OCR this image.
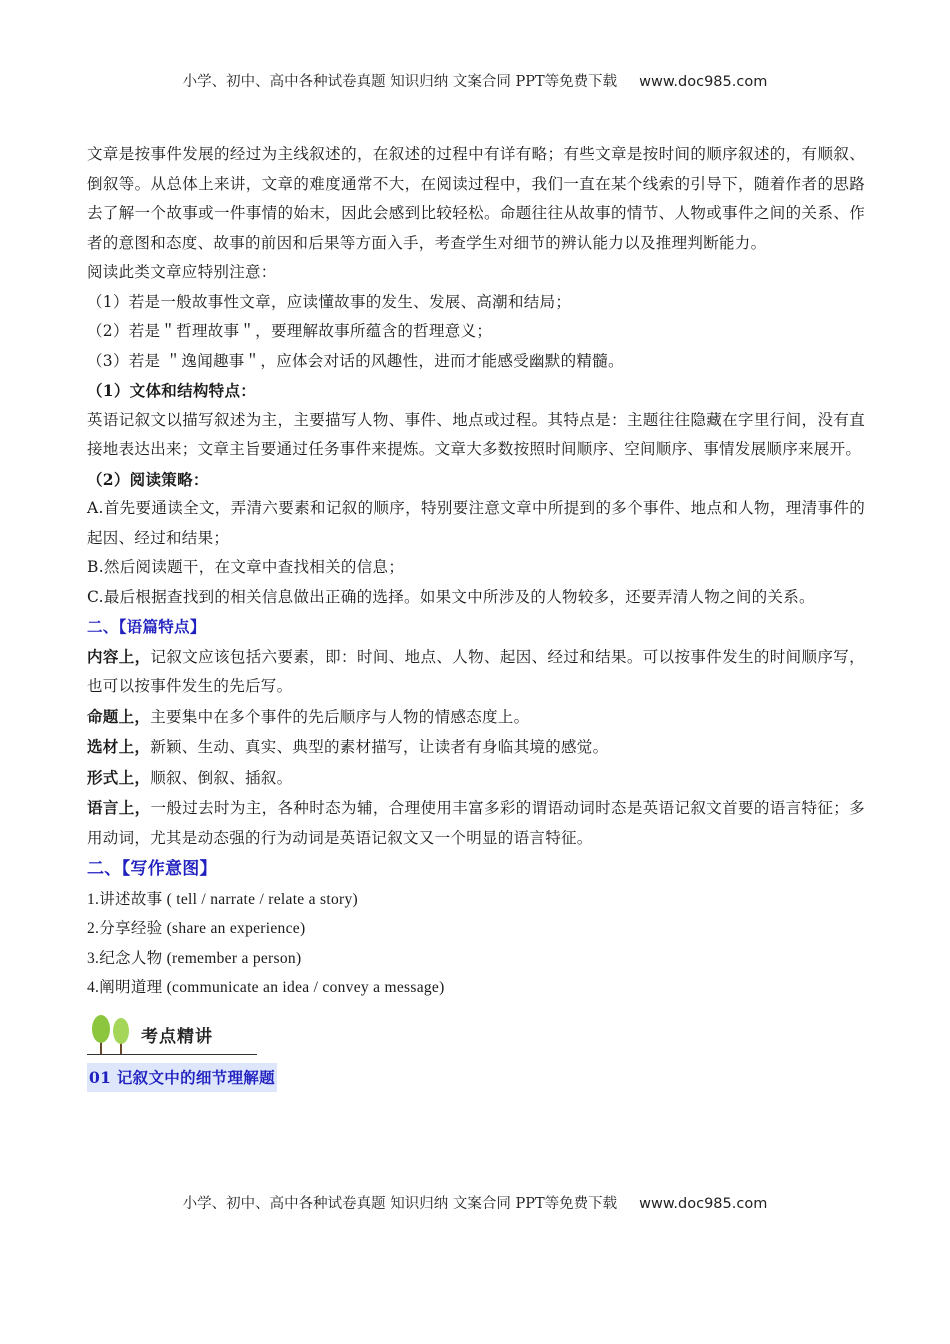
小学、初中、高中各种试卷真题 知识归纳 文案合同 PPT等免费下载 www.doc985.com

文章是按事件发展的经过为主线叙述的，在叙述的过程中有详有略；有些文章是按时间的顺序叙述的，有顺叙、倒叙等。从总体上来讲，文章的难度通常不大，在阅读过程中，我们一直在某个线索的引导下，随着作者的思路去了解一个故事或一件事情的始末，因此会感到比较轻松。命题往往从故事的情节、人物或事件之间的关系、作者的意图和态度、故事的前因和后果等方面入手，考查学生对细节的辨认能力以及推理判断能力。

阅读此类文章应特别注意：

（1）若是一般故事性文章，应读懂故事的发生、发展、高潮和结局；

（2）若是＂哲理故事＂，要理解故事所蕴含的哲理意义；

（3）若是 ＂逸闻趣事＂，应体会对话的风趣性，进而才能感受幽默的精髓。

（1）文体和结构特点：

英语记叙文以描写叙述为主，主要描写人物、事件、地点或过程。其特点是：主题往往隐藏在字里行间，没有直接地表达出来；文章主旨要通过任务事件来提炼。文章大多数按照时间顺序、空间顺序、事情发展顺序来展开。

（2）阅读策略：

A.首先要通读全文，弄清六要素和记叙的顺序，特别要注意文章中所提到的多个事件、地点和人物，理清事件的起因、经过和结果；

B.然后阅读题干，在文章中查找相关的信息；

C.最后根据查找到的相关信息做出正确的选择。如果文中所涉及的人物较多，还要弄清人物之间的关系。

二、【语篇特点】

内容上，记叙文应该包括六要素，即：时间、地点、人物、起因、经过和结果。可以按事件发生的时间顺序写，也可以按事件发生的先后写。

命题上，主要集中在多个事件的先后顺序与人物的情感态度上。

选材上，新颖、生动、真实、典型的素材描写，让读者有身临其境的感觉。

形式上，顺叙、倒叙、插叙。

语言上，一般过去时为主，各种时态为辅，合理使用丰富多彩的谓语动词时态是英语记叙文首要的语言特征；多用动词，尤其是动态强的行为动词是英语记叙文又一个明显的语言特征。

二、【写作意图】

1.讲述故事 ( tell / narrate / relate a story)

2.分享经验 (share an experience)

3.纪念人物 (remember a person)

4.阐明道理 (communicate an idea / convey a message)

考点精讲

01 记叙文中的细节理解题

小学、初中、高中各种试卷真题 知识归纳 文案合同 PPT等免费下载 www.doc985.com
